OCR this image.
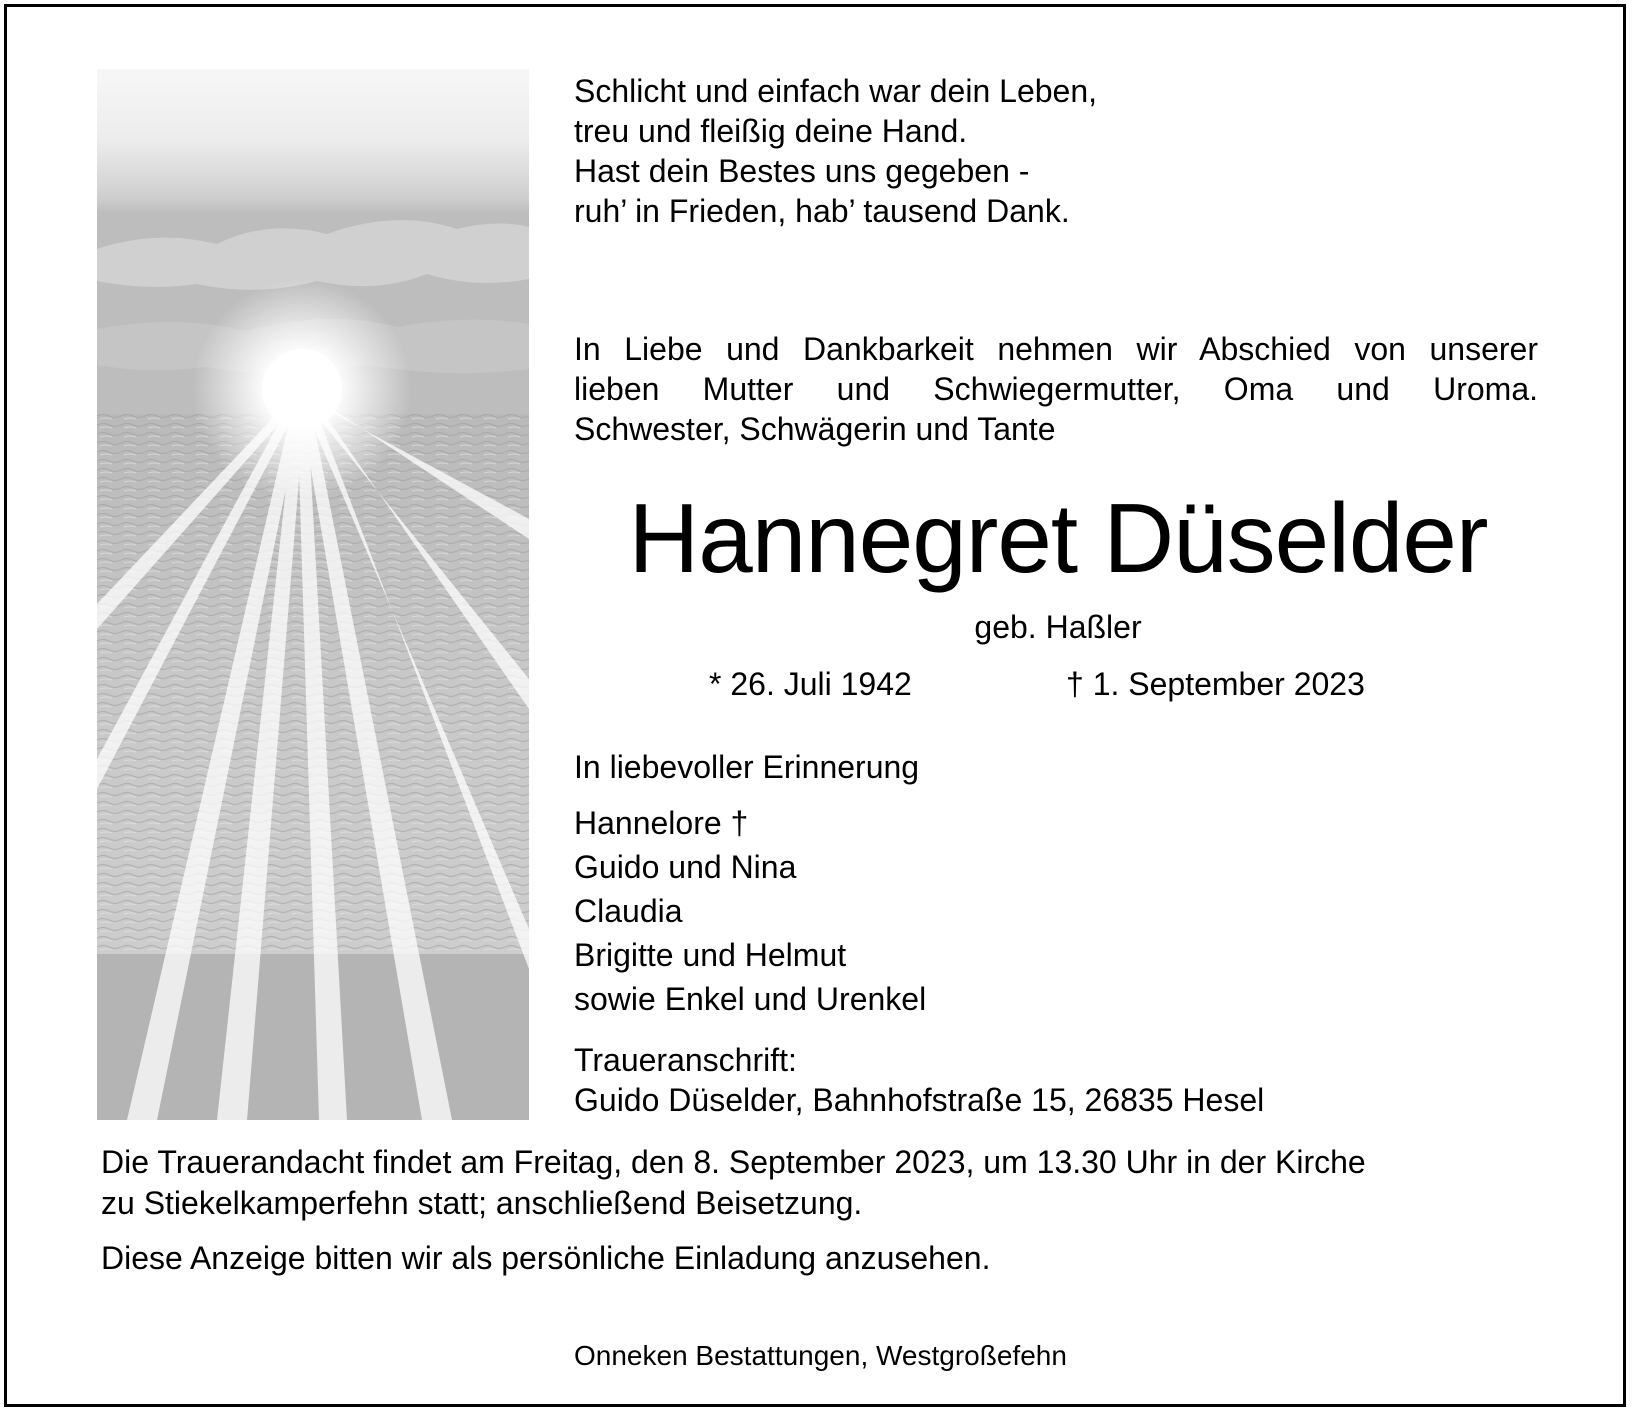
Schlicht und einfach war dein Leben,
treu und fleißig deine Hand.
Hast dein Bestes uns gegeben -
ruh’ in Frieden, hab’ tausend Dank.
In Liebe und Dankbarkeit nehmen wir Abschied von unserer
lieben Mutter und Schwiegermutter, Oma und Uroma.
Schwester, Schwägerin und Tante
Hannegret Düselder
geb. Haßler
* 26. Juli 1942	† 1. September 2023
In liebevoller Erinnerung
Hannelore †
Guido und Nina
Claudia
Brigitte und Helmut
sowie Enkel und Urenkel
Traueranschrift:
Guido Düselder, Bahnhofstraße 15, 26835 Hesel
Die Trauerandacht findet am Freitag, den 8. September 2023, um 13.30 Uhr in der Kirche
zu Stiekelkamperfehn statt; anschließend Beisetzung.
Diese Anzeige bitten wir als persönliche Einladung anzusehen.
Onneken Bestattungen, Westgroßefehn
